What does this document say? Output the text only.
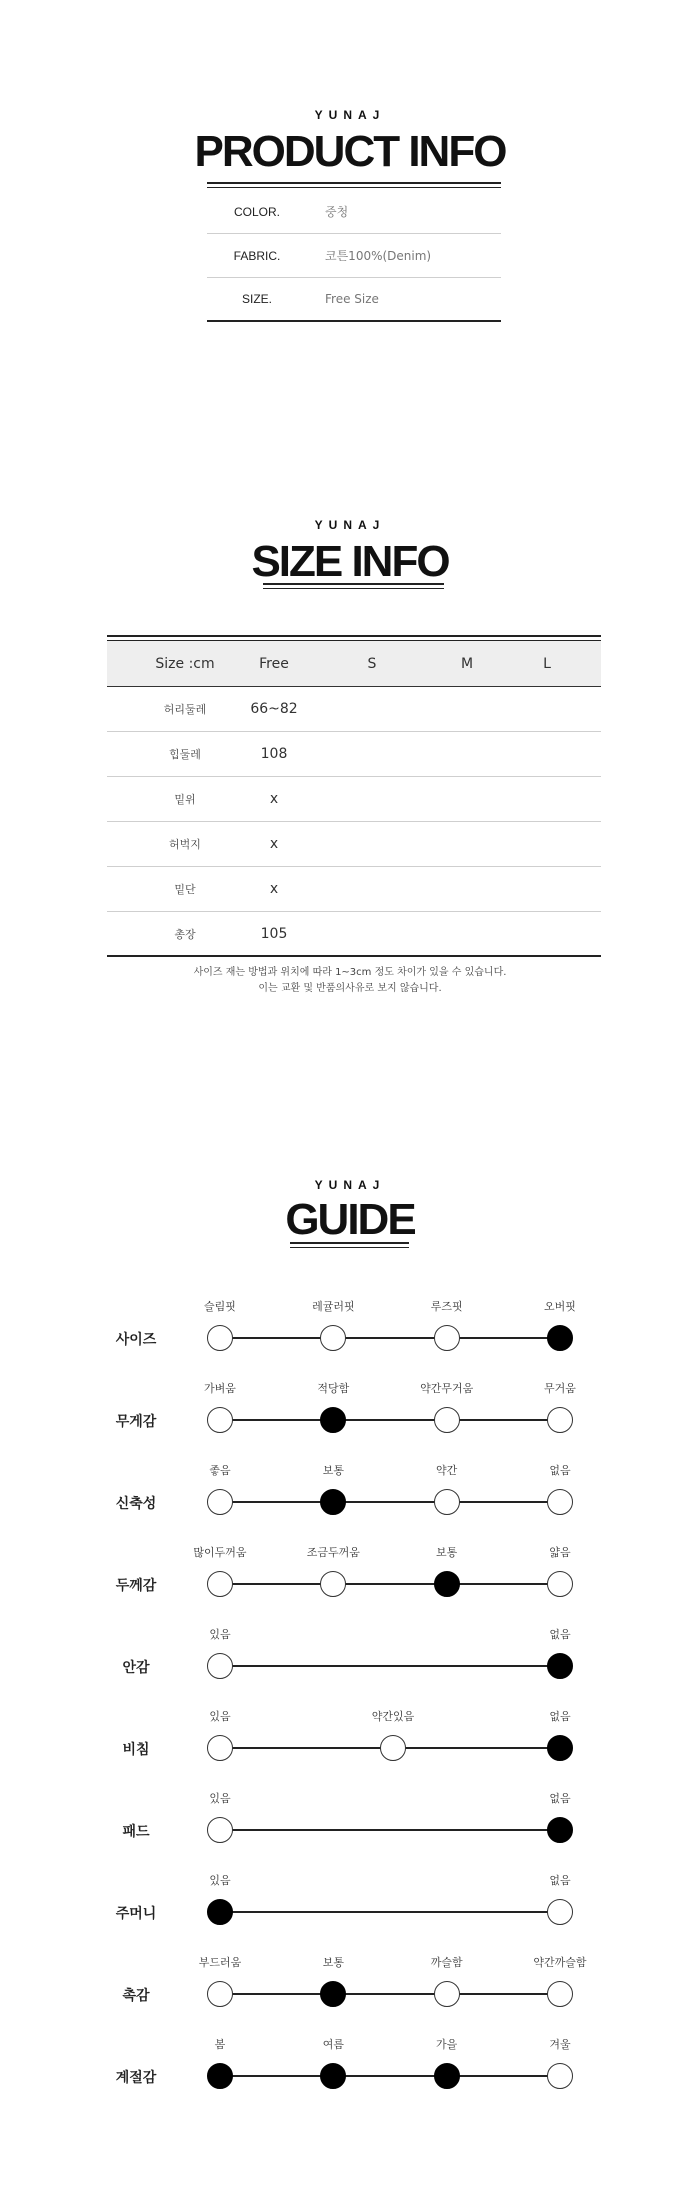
YUNAJ
PRODUCT INFO
COLOR.	중청
FABRIC.	코튼100%(Denim)
SIZE.	Free Size
YUNAJ
SIZE INFO
Size :cm	Free	S	M	L
허리둘레	66~82
힙둘레	108
밑위	x
허벅지	x
밑단	x
총장	105
사이즈 재는 방법과 위치에 따라 1~3cm 정도 차이가 있을 수 있습니다.
이는 교환 및 반품의사유로 보지 않습니다.
YUNAJ
GUIDE
사이즈
슬림핏	레귤러핏	루즈핏	오버핏
무게감
가벼움	적당함	약간무거움	무거움
신축성
좋음	보통	약간	없음
두께감
많이두꺼움	조금두꺼움	보통	얇음
안감
있음	없음
비침
있음	약간있음	없음
패드
있음	없음
주머니
있음	없음
촉감
부드러움	보통	까슬함	약간까슬함
계절감
봄	여름	가을	겨울
